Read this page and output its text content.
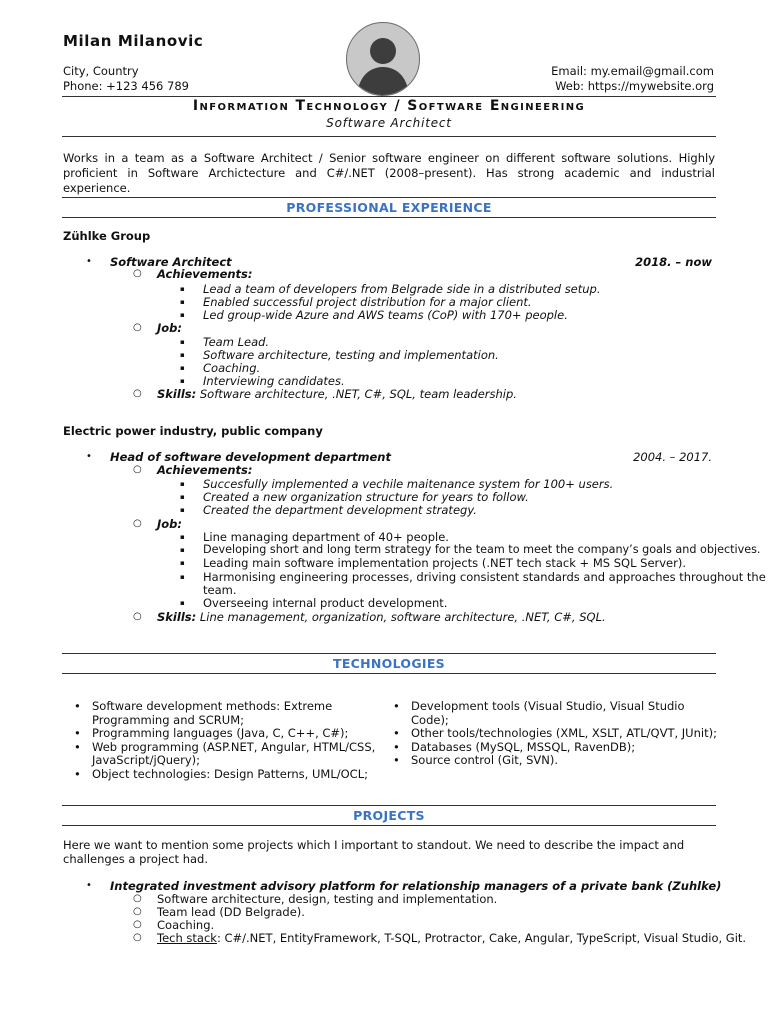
Milan Milanovic
City, Country
Phone: +123 456 789
Email: my.email@gmail.com
Web: https://mywebsite.org
Information Technology / Software Engineering
Software Architect
Works in a team as a Software Architect / Senior software engineer on different software solutions. Highly proficient in Software Archictecture and C#/.NET (2008–present). Has strong academic and industrial experience.
PROFESSIONAL EXPERIENCE
Zühlke Group
• Software Architect	2018. – now
○ Achievements:
▪ Lead a team of developers from Belgrade side in a distributed setup.
▪ Enabled successful project distribution for a major client.
▪ Led group-wide Azure and AWS teams (CoP) with 170+ people.
○ Job:
▪ Team Lead.
▪ Software architecture, testing and implementation.
▪ Coaching.
▪ Interviewing candidates.
○ Skills: Software architecture, .NET, C#, SQL, team leadership.
Electric power industry, public company
• Head of software development department	2004. – 2017.
○ Achievements:
▪ Succesfully implemented a vechile maitenance system for 100+ users.
▪ Created a new organization structure for years to follow.
▪ Created the department development strategy.
○ Job:
▪ Line managing department of 40+ people.
▪ Developing short and long term strategy for the team to meet the company’s goals and objectives.
▪ Leading main software implementation projects (.NET tech stack + MS SQL Server).
▪ Harmonising engineering processes, driving consistent standards and approaches throughout the
team.
▪ Overseeing internal product development.
○ Skills: Line management, organization, software architecture, .NET, C#, SQL.
TECHNOLOGIES
• Software development methods: Extreme Programming and SCRUM;
• Programming languages (Java, C, C++, C#);
• Web programming (ASP.NET, Angular, HTML/CSS, JavaScript/jQuery);
• Object technologies: Design Patterns, UML/OCL;
• Development tools (Visual Studio, Visual Studio Code);
• Other tools/technologies (XML, XSLT, ATL/QVT, JUnit);
• Databases (MySQL, MSSQL, RavenDB);
• Source control (Git, SVN).
PROJECTS
Here we want to mention some projects which I important to standout. We need to describe the impact and challenges a project had.
• Integrated investment advisory platform for relationship managers of a private bank (Zuhlke)
○ Software architecture, design, testing and implementation.
○ Team lead (DD Belgrade).
○ Coaching.
○ Tech stack: C#/.NET, EntityFramework, T-SQL, Protractor, Cake, Angular, TypeScript, Visual Studio, Git.
